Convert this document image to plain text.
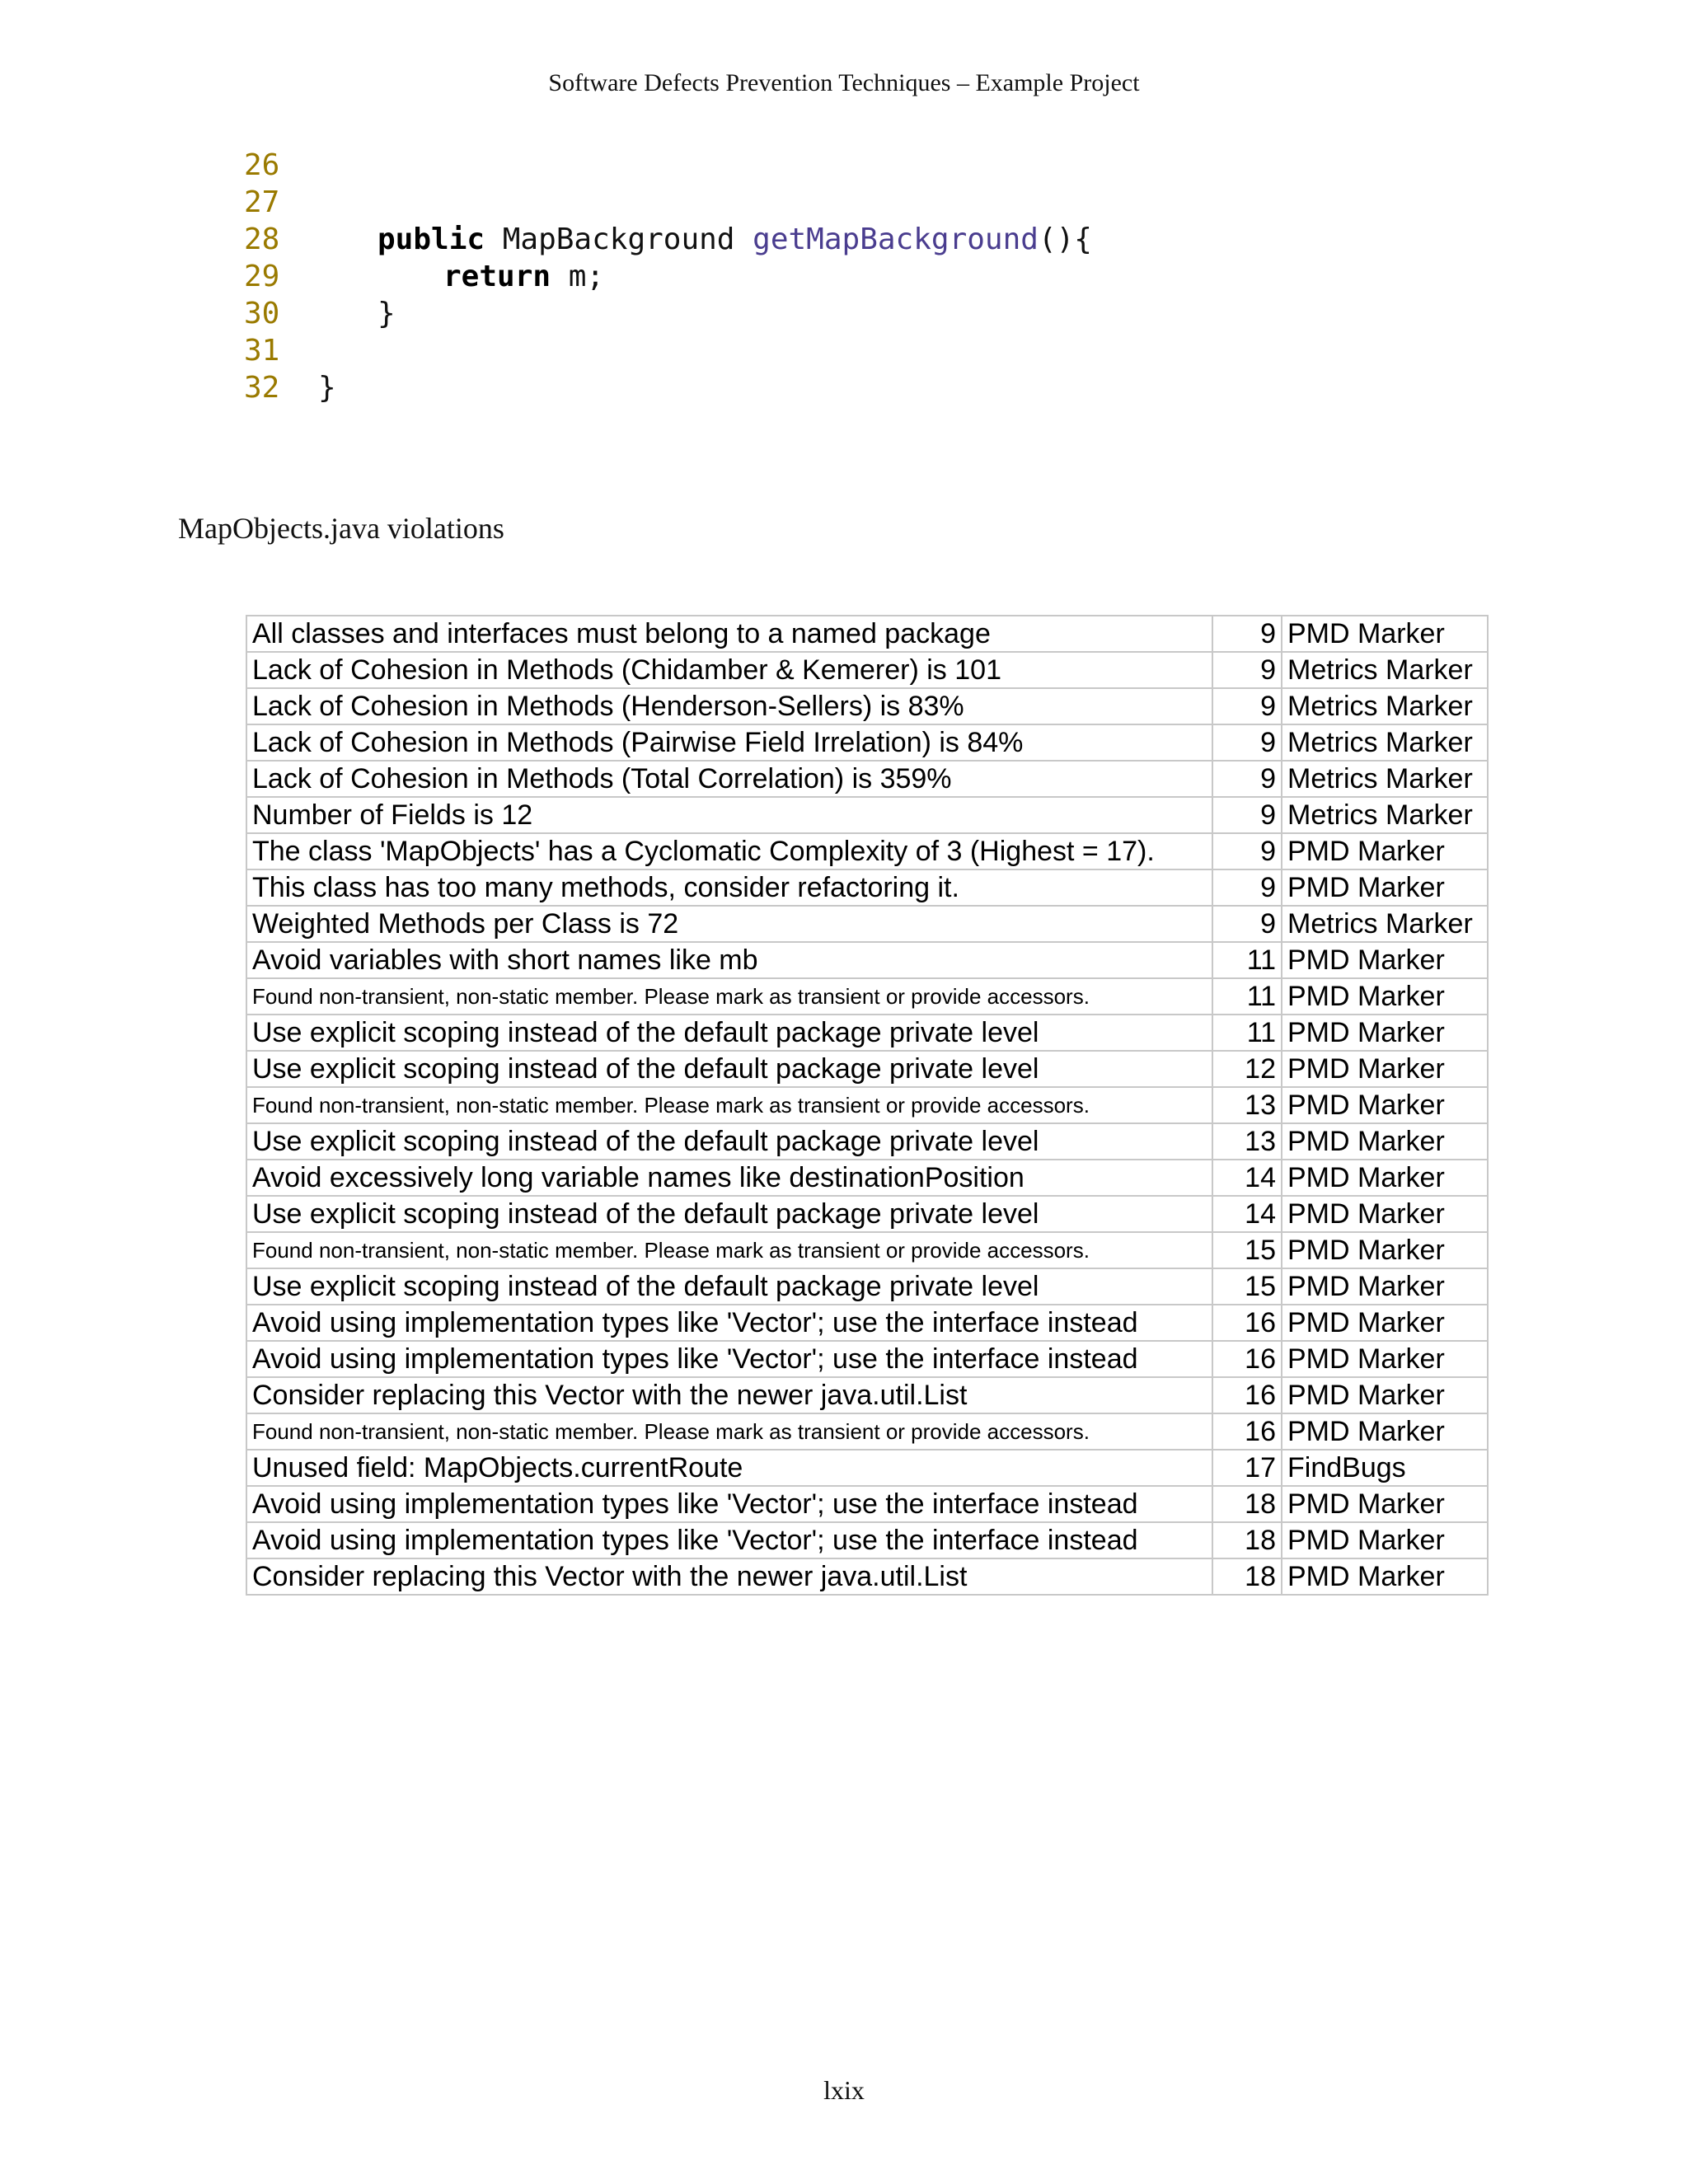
Software Defects Prevention Techniques – Example Project
26
27
28	public MapBackground getMapBackground(){
29	return m;
30	}
31
32 }
MapObjects.java violations
All classes and interfaces must belong to a named package	9	PMD Marker
Lack of Cohesion in Methods (Chidamber & Kemerer) is 101	9	Metrics Marker
Lack of Cohesion in Methods (Henderson-Sellers) is 83%	9	Metrics Marker
Lack of Cohesion in Methods (Pairwise Field Irrelation) is 84%	9	Metrics Marker
Lack of Cohesion in Methods (Total Correlation) is 359%	9	Metrics Marker
Number of Fields is 12	9	Metrics Marker
The class 'MapObjects' has a Cyclomatic Complexity of 3 (Highest = 17).	9	PMD Marker
This class has too many methods, consider refactoring it.	9	PMD Marker
Weighted Methods per Class is 72	9	Metrics Marker
Avoid variables with short names like mb	11	PMD Marker
Found non-transient, non-static member. Please mark as transient or provide accessors.	11	PMD Marker
Use explicit scoping instead of the default package private level	11	PMD Marker
Use explicit scoping instead of the default package private level	12	PMD Marker
Found non-transient, non-static member. Please mark as transient or provide accessors.	13	PMD Marker
Use explicit scoping instead of the default package private level	13	PMD Marker
Avoid excessively long variable names like destinationPosition	14	PMD Marker
Use explicit scoping instead of the default package private level	14	PMD Marker
Found non-transient, non-static member. Please mark as transient or provide accessors.	15	PMD Marker
Use explicit scoping instead of the default package private level	15	PMD Marker
Avoid using implementation types like 'Vector'; use the interface instead	16	PMD Marker
Avoid using implementation types like 'Vector'; use the interface instead	16	PMD Marker
Consider replacing this Vector with the newer java.util.List	16	PMD Marker
Found non-transient, non-static member. Please mark as transient or provide accessors.	16	PMD Marker
Unused field: MapObjects.currentRoute	17	FindBugs
Avoid using implementation types like 'Vector'; use the interface instead	18	PMD Marker
Avoid using implementation types like 'Vector'; use the interface instead	18	PMD Marker
Consider replacing this Vector with the newer java.util.List	18	PMD Marker
lxix
